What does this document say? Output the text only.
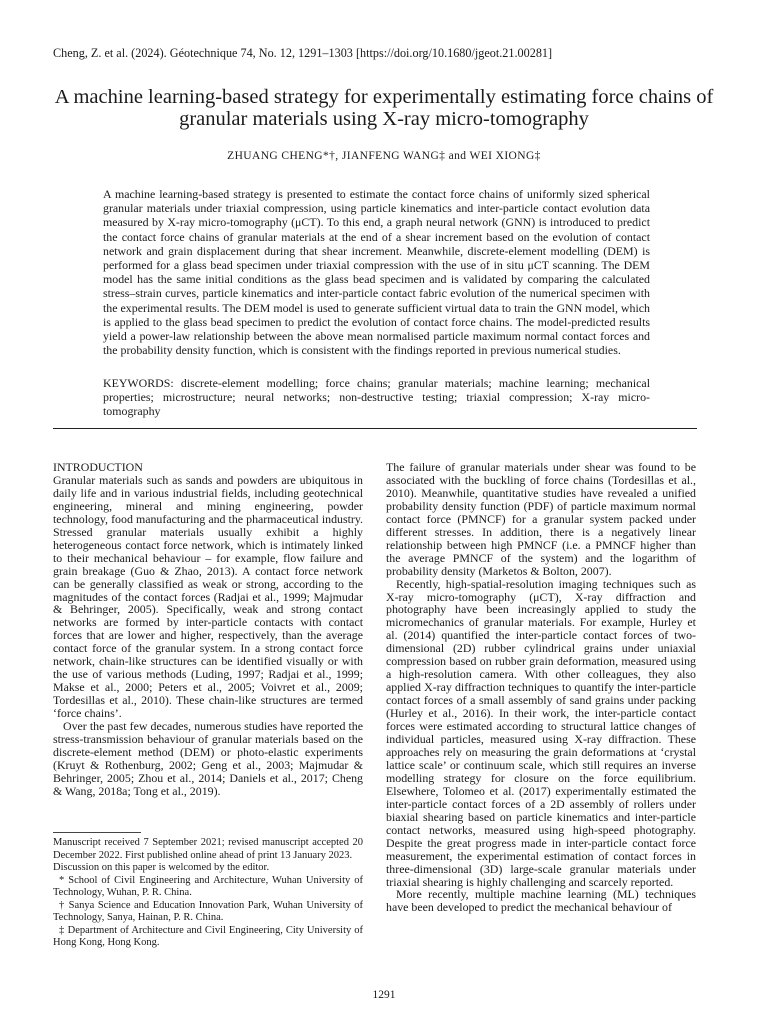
Cheng, Z. et al. (2024). Géotechnique 74, No. 12, 1291–1303 [https://doi.org/10.1680/jgeot.21.00281]
A machine learning-based strategy for experimentally estimating force chains of granular materials using X-ray micro-tomography
ZHUANG CHENG*†, JIANFENG WANG‡ and WEI XIONG‡
A machine learning-based strategy is presented to estimate the contact force chains of uniformly sized spherical granular materials under triaxial compression, using particle kinematics and inter-particle contact evolution data measured by X-ray micro-tomography (μCT). To this end, a graph neural network (GNN) is introduced to predict the contact force chains of granular materials at the end of a shear increment based on the evolution of contact network and grain displacement during that shear increment. Meanwhile, discrete-element modelling (DEM) is performed for a glass bead specimen under triaxial compression with the use of in situ μCT scanning. The DEM model has the same initial conditions as the glass bead specimen and is validated by comparing the calculated stress–strain curves, particle kinematics and inter-particle contact fabric evolution of the numerical specimen with the experimental results. The DEM model is used to generate sufficient virtual data to train the GNN model, which is applied to the glass bead specimen to predict the evolution of contact force chains. The model-predicted results yield a power-law relationship between the above mean normalised particle maximum normal contact forces and the probability density function, which is consistent with the findings reported in previous numerical studies.
KEYWORDS: discrete-element modelling; force chains; granular materials; machine learning; mechanical properties; microstructure; neural networks; non-destructive testing; triaxial compression; X-ray micro-tomography
INTRODUCTION

Granular materials such as sands and powders are ubiquitous in daily life and in various industrial fields, including geotechnical engineering, mineral and mining engineering, powder technology, food manufacturing and the pharmaceutical industry. Stressed granular materials usually exhibit a highly heterogeneous contact force network, which is intimately linked to their mechanical behaviour – for example, flow failure and grain breakage (Guo & Zhao, 2013). A contact force network can be generally classified as weak or strong, according to the magnitudes of the contact forces (Radjai et al., 1999; Majmudar & Behringer, 2005). Specifically, weak and strong contact networks are formed by inter-particle contacts with contact forces that are lower and higher, respectively, than the average contact force of the granular system. In a strong contact force network, chain-like structures can be identified visually or with the use of various methods (Luding, 1997; Radjai et al., 1999; Makse et al., 2000; Peters et al., 2005; Voivret et al., 2009; Tordesillas et al., 2010). These chain-like structures are termed ‘force chains’.

Over the past few decades, numerous studies have reported the stress-transmission behaviour of granular materials based on the discrete-element method (DEM) or photo-elastic experiments (Kruyt & Rothenburg, 2002; Geng et al., 2003; Majmudar & Behringer, 2005; Zhou et al., 2014; Daniels et al., 2017; Cheng & Wang, 2018a; Tong et al., 2019).

Manuscript received 7 September 2021; revised manuscript accepted 20 December 2022. First published online ahead of print 13 January 2023.

Discussion on this paper is welcomed by the editor.

* School of Civil Engineering and Architecture, Wuhan University of Technology, Wuhan, P. R. China.

† Sanya Science and Education Innovation Park, Wuhan University of Technology, Sanya, Hainan, P. R. China.

‡ Department of Architecture and Civil Engineering, City University of Hong Kong, Hong Kong.

The failure of granular materials under shear was found to be associated with the buckling of force chains (Tordesillas et al., 2010). Meanwhile, quantitative studies have revealed a unified probability density function (PDF) of particle maximum normal contact force (PMNCF) for a granular system packed under different stresses. In addition, there is a negatively linear relationship between high PMNCF (i.e. a PMNCF higher than the average PMNCF of the system) and the logarithm of probability density (Marketos & Bolton, 2007).

Recently, high-spatial-resolution imaging techniques such as X-ray micro-tomography (μCT), X-ray diffraction and photography have been increasingly applied to study the micromechanics of granular materials. For example, Hurley et al. (2014) quantified the inter-particle contact forces of two-dimensional (2D) rubber cylindrical grains under uniaxial compression based on rubber grain deformation, measured using a high-resolution camera. With other colleagues, they also applied X-ray diffraction techniques to quantify the inter-particle contact forces of a small assembly of sand grains under packing (Hurley et al., 2016). In their work, the inter-particle contact forces were estimated according to structural lattice changes of individual particles, measured using X-ray diffraction. These approaches rely on measuring the grain deformations at ‘crystal lattice scale’ or continuum scale, which still requires an inverse modelling strategy for closure on the force equilibrium. Elsewhere, Tolomeo et al. (2017) experimentally estimated the inter-particle contact forces of a 2D assembly of rollers under biaxial shearing based on particle kinematics and inter-particle contact networks, measured using high-speed photography. Despite the great progress made in inter-particle contact force measurement, the experimental estimation of contact forces in three-dimensional (3D) large-scale granular materials under triaxial shearing is highly challenging and scarcely reported.

More recently, multiple machine learning (ML) techniques have been developed to predict the mechanical behaviour of

1291
